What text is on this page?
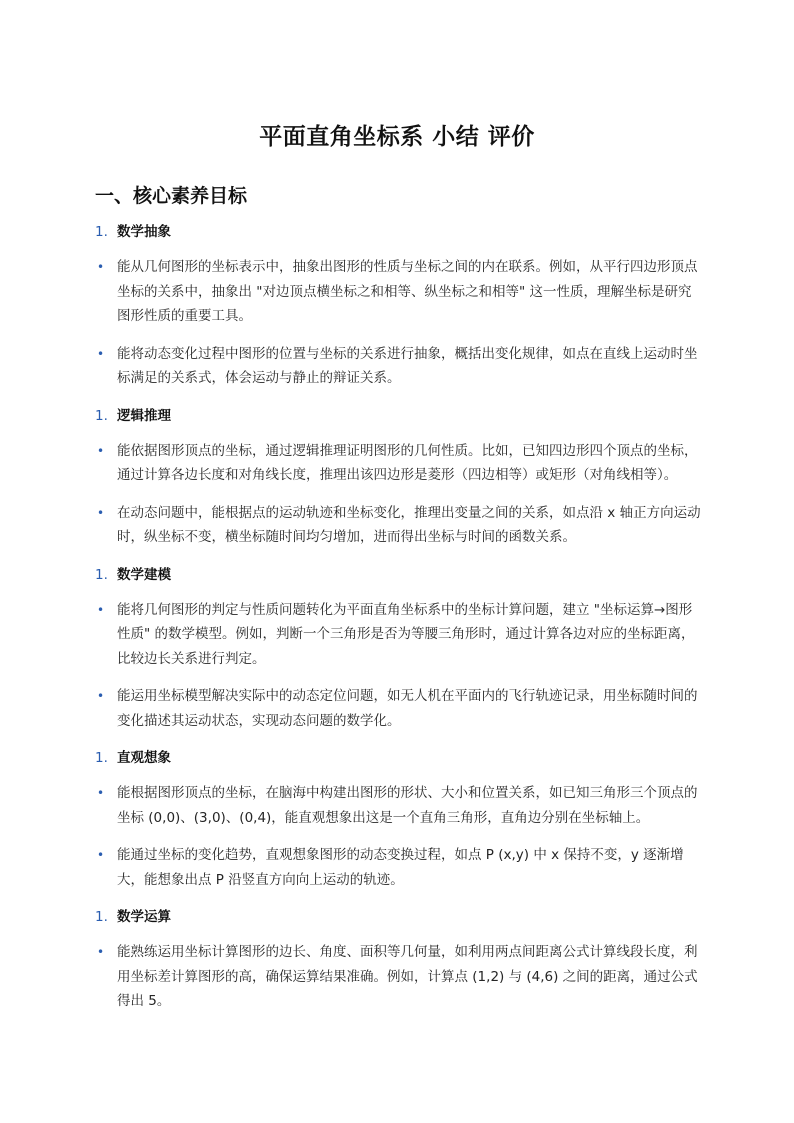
平面直角坐标系 小结 评价
一、核心素养目标
1. 数学抽象
• 能从几何图形的坐标表示中，抽象出图形的性质与坐标之间的内在联系。例如，从平行四边形顶点坐标的关系中，抽象出 "对边顶点横坐标之和相等、纵坐标之和相等" 这一性质，理解坐标是研究图形性质的重要工具。
• 能将动态变化过程中图形的位置与坐标的关系进行抽象，概括出变化规律，如点在直线上运动时坐标满足的关系式，体会运动与静止的辩证关系。
1. 逻辑推理
• 能依据图形顶点的坐标，通过逻辑推理证明图形的几何性质。比如，已知四边形四个顶点的坐标，通过计算各边长度和对角线长度，推理出该四边形是菱形（四边相等）或矩形（对角线相等）。
• 在动态问题中，能根据点的运动轨迹和坐标变化，推理出变量之间的关系，如点沿 x 轴正方向运动时，纵坐标不变，横坐标随时间均匀增加，进而得出坐标与时间的函数关系。
1. 数学建模
• 能将几何图形的判定与性质问题转化为平面直角坐标系中的坐标计算问题，建立 "坐标运算→图形性质" 的数学模型。例如，判断一个三角形是否为等腰三角形时，通过计算各边对应的坐标距离，比较边长关系进行判定。
• 能运用坐标模型解决实际中的动态定位问题，如无人机在平面内的飞行轨迹记录，用坐标随时间的变化描述其运动状态，实现动态问题的数学化。
1. 直观想象
• 能根据图形顶点的坐标，在脑海中构建出图形的形状、大小和位置关系，如已知三角形三个顶点的坐标 (0,0)、(3,0)、(0,4)，能直观想象出这是一个直角三角形，直角边分别在坐标轴上。
• 能通过坐标的变化趋势，直观想象图形的动态变换过程，如点 P (x,y) 中 x 保持不变，y 逐渐增大，能想象出点 P 沿竖直方向向上运动的轨迹。
1. 数学运算
• 能熟练运用坐标计算图形的边长、角度、面积等几何量，如利用两点间距离公式计算线段长度，利用坐标差计算图形的高，确保运算结果准确。例如，计算点 (1,2) 与 (4,6) 之间的距离，通过公式得出 5。
